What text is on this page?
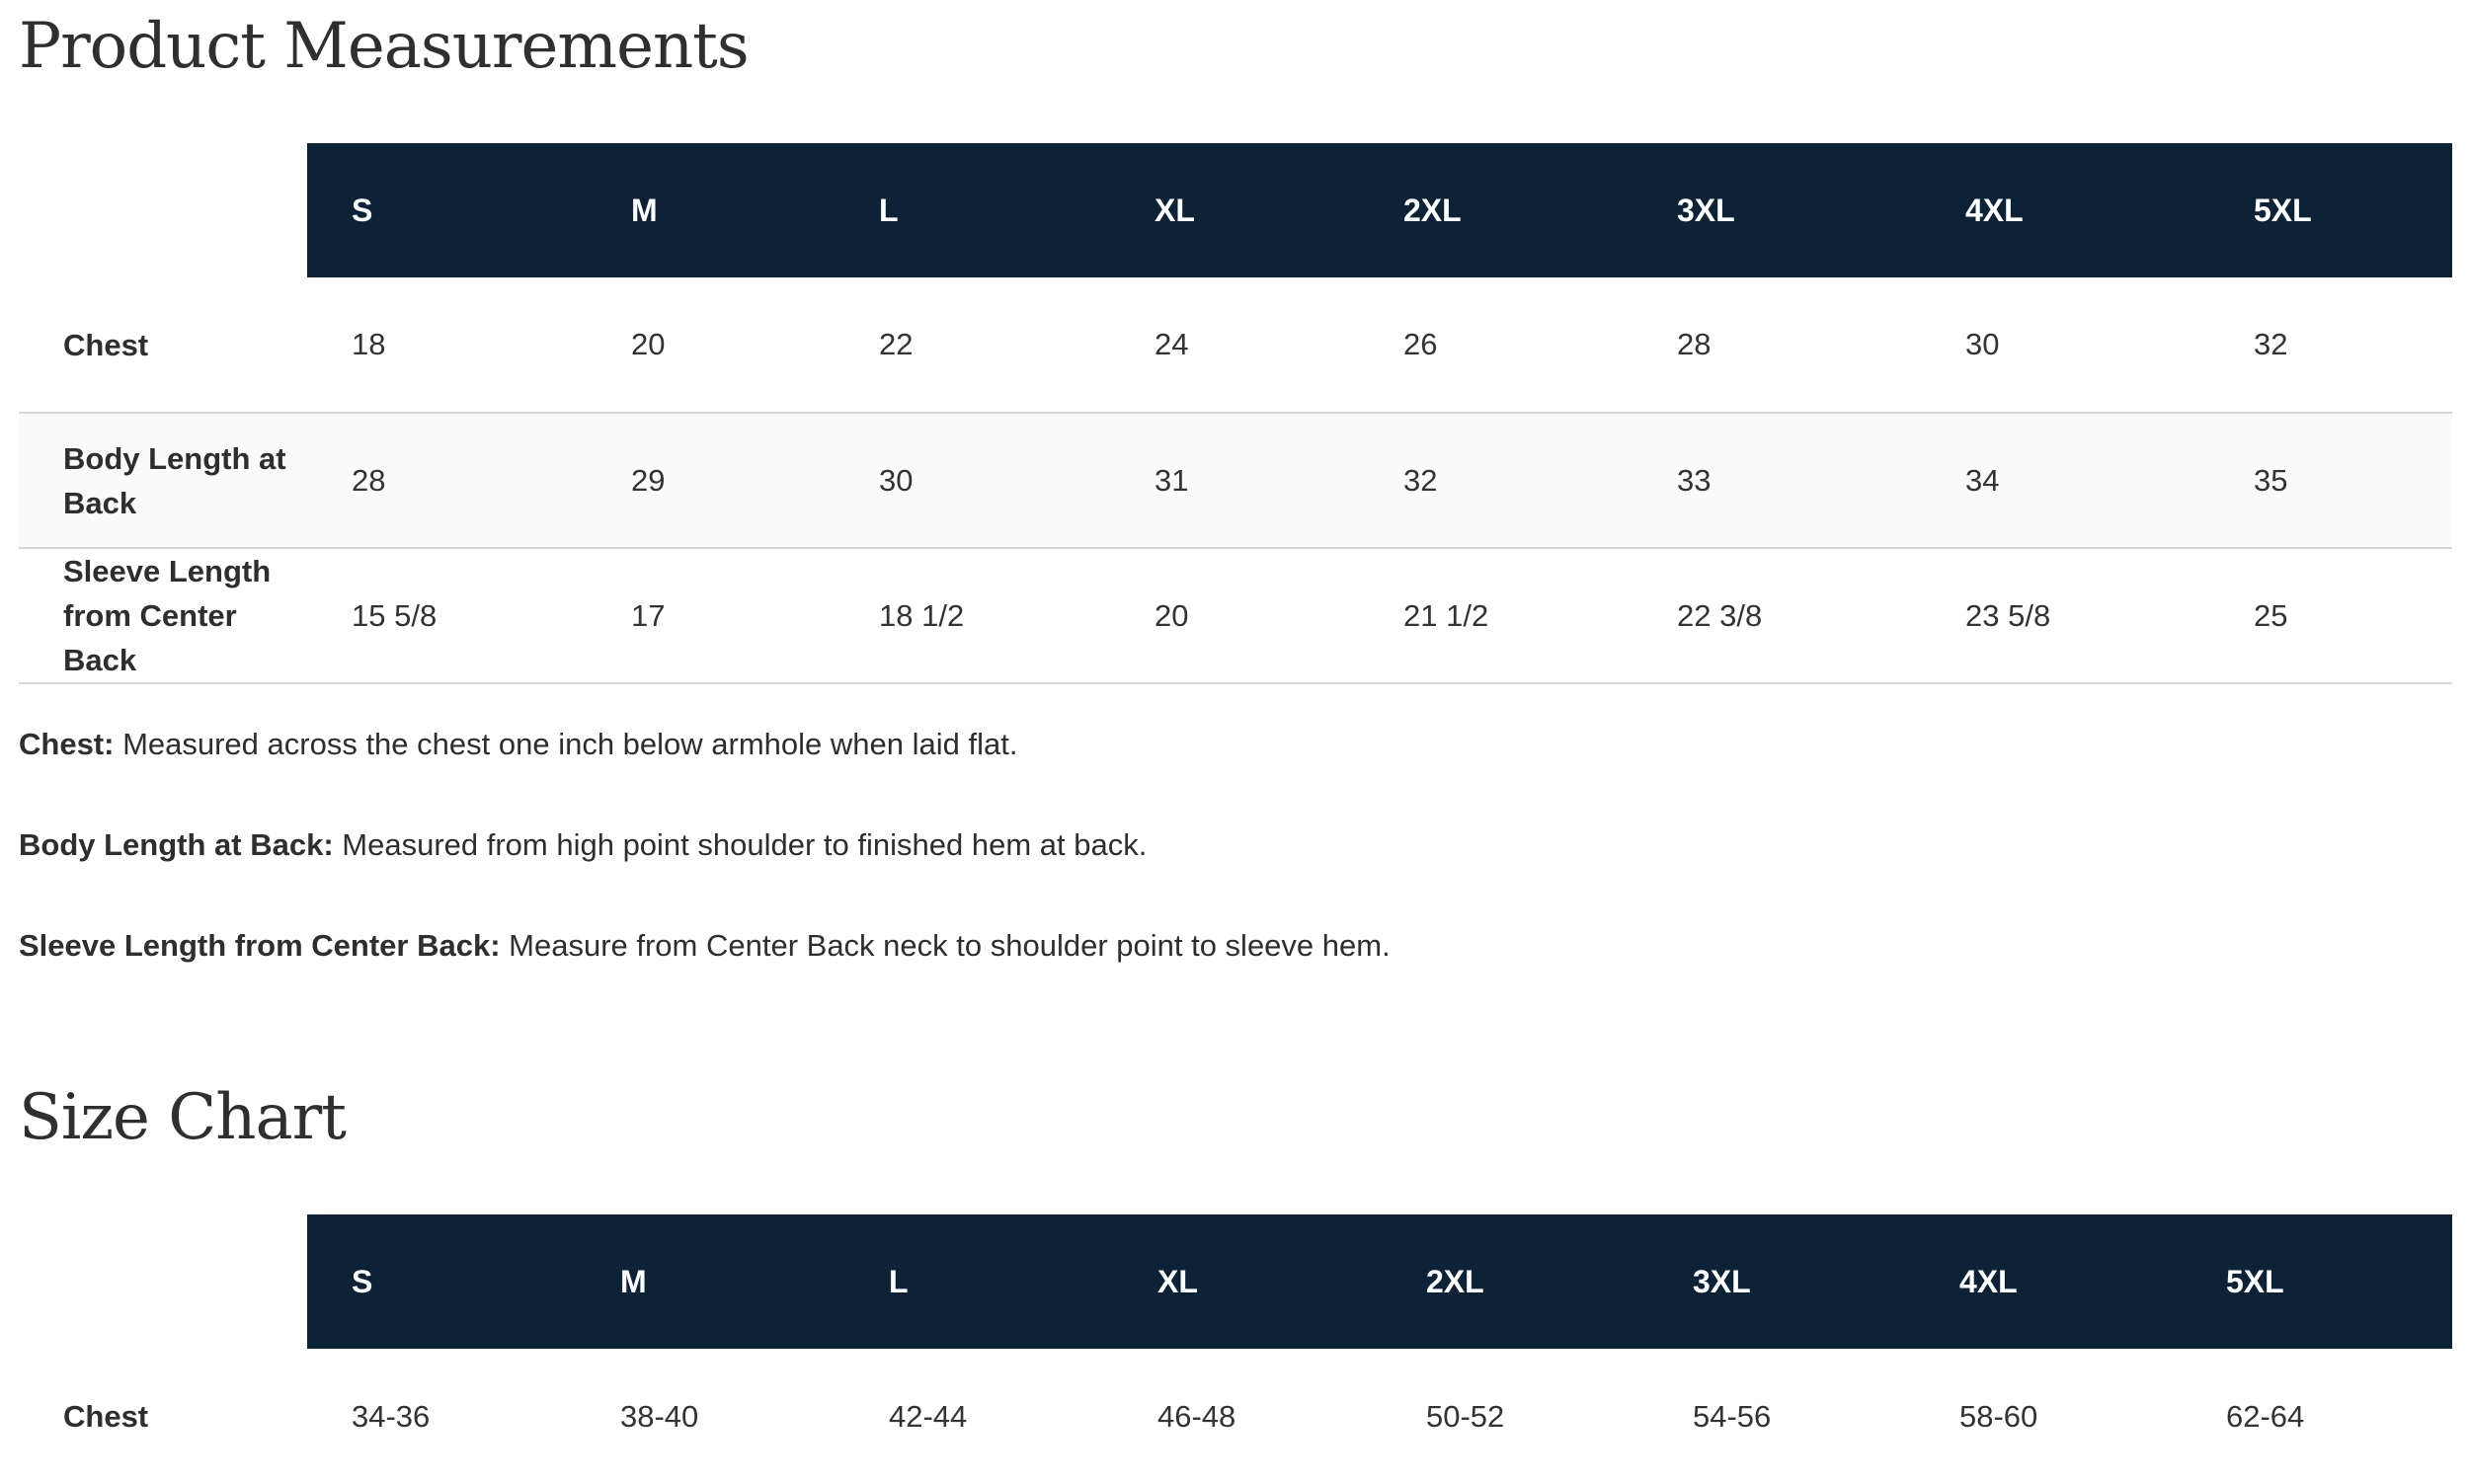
Product Measurements
	S	M	L	XL	2XL	3XL	4XL	5XL
Chest	18	20	22	24	26	28	30	32
Body Length at Back	28	29	30	31	32	33	34	35
Sleeve Length from Center Back	15 5/8	17	18 1/2	20	21 1/2	22 3/8	23 5/8	25

Chest: Measured across the chest one inch below armhole when laid flat.

Body Length at Back: Measured from high point shoulder to finished hem at back.

Sleeve Length from Center Back: Measure from Center Back neck to shoulder point to sleeve hem.

Size Chart
	S	M	L	XL	2XL	3XL	4XL	5XL
Chest	34-36	38-40	42-44	46-48	50-52	54-56	58-60	62-64
